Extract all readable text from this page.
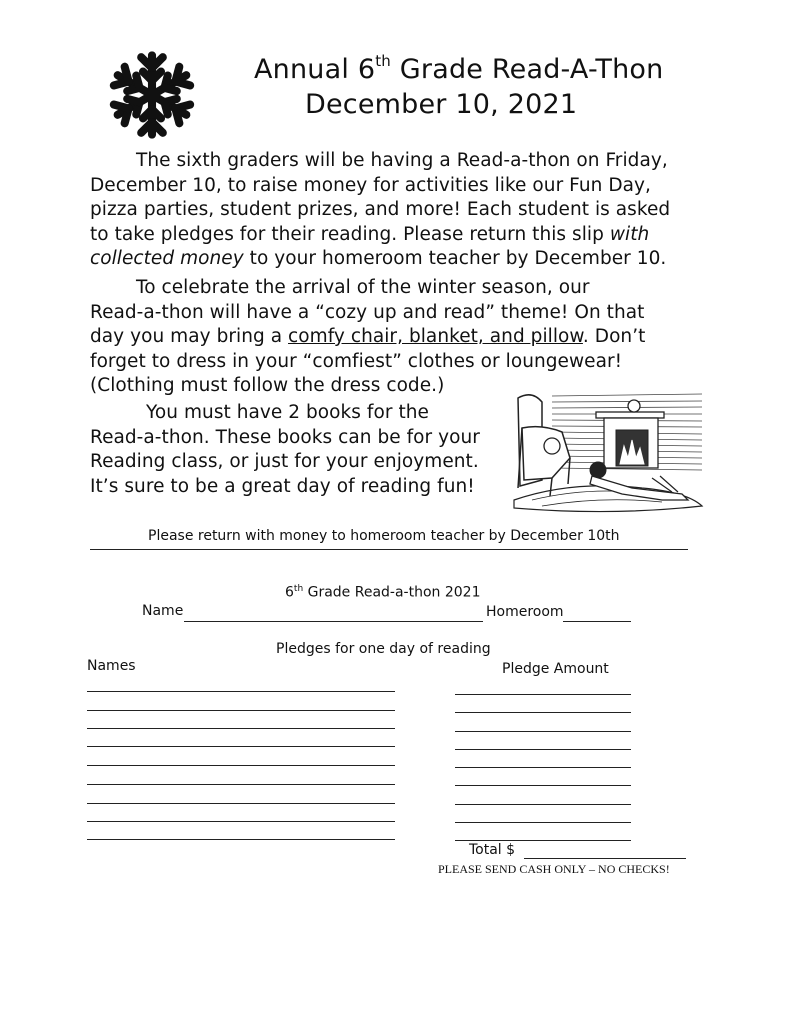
Annual 6th Grade Read-A-Thon
December 10, 2021
The sixth graders will be having a Read-a-thon on Friday,
December 10, to raise money for activities like our Fun Day,
pizza parties, student prizes, and more! Each student is asked
to take pledges for their reading. Please return this slip with
collected money to your homeroom teacher by December 10.
To celebrate the arrival of the winter season, our
Read-a-thon will have a “cozy up and read” theme! On that
day you may bring a comfy chair, blanket, and pillow. Don’t
forget to dress in your “comfiest” clothes or loungewear!
(Clothing must follow the dress code.)
You must have 2 books for the
Read-a-thon. These books can be for your
Reading class, or just for your enjoyment.
It’s sure to be a great day of reading fun!
Please return with money to homeroom teacher by December 10th
6th Grade Read-a-thon 2021
Name	Homeroom
Pledges for one day of reading
Names	Pledge Amount
Total $
PLEASE SEND CASH ONLY – NO CHECKS!
